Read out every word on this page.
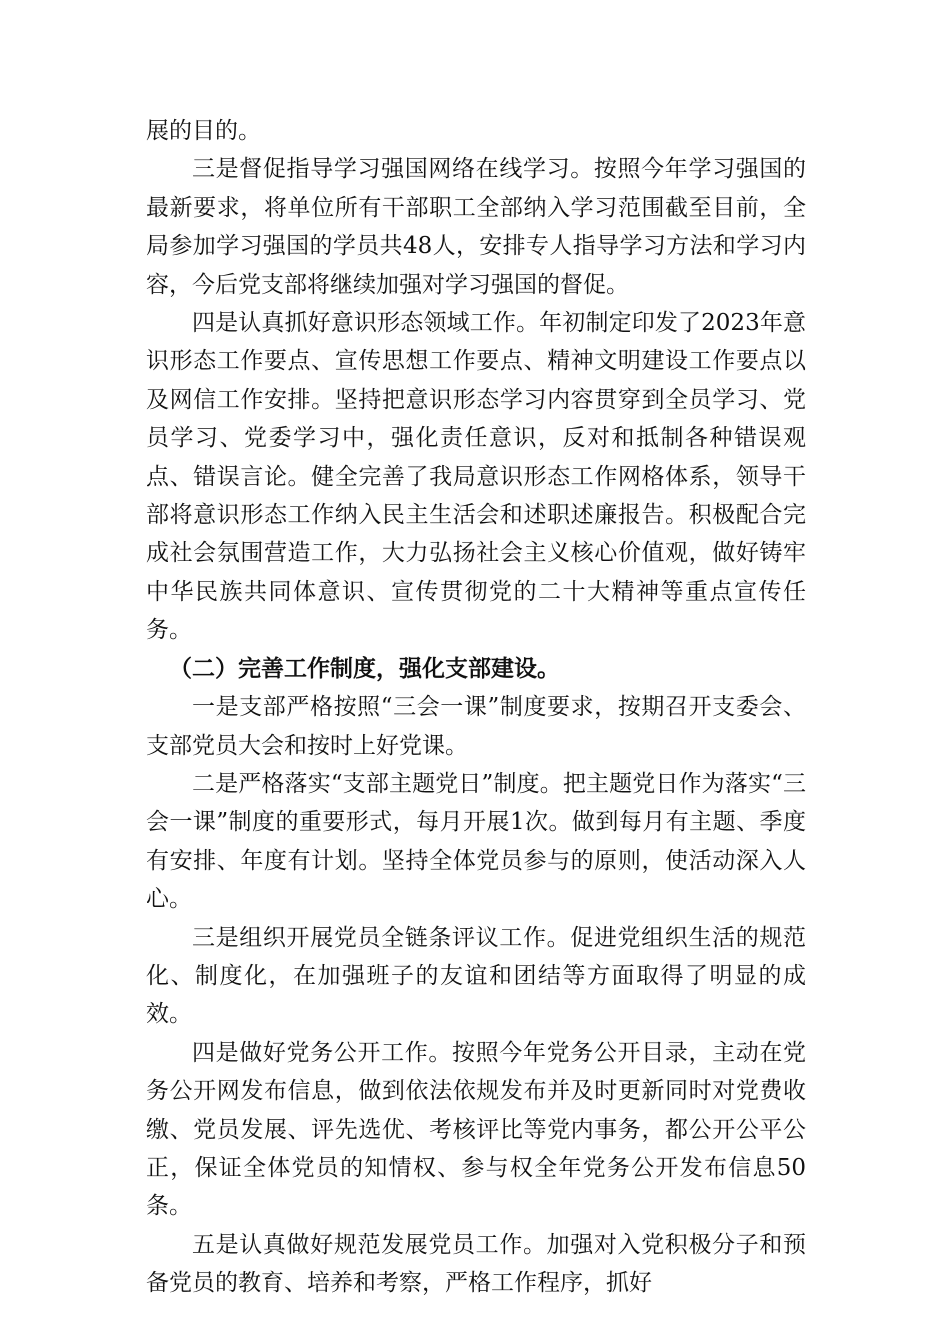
展的目的。

三是督促指导学习强国网络在线学习。按照今年学习强国的最新要求，将单位所有干部职工全部纳入学习范围截至目前，全局参加学习强国的学员共48人，安排专人指导学习方法和学习内容，今后党支部将继续加强对学习强国的督促。

四是认真抓好意识形态领域工作。年初制定印发了2023年意识形态工作要点、宣传思想工作要点、精神文明建设工作要点以及网信工作安排。坚持把意识形态学习内容贯穿到全员学习、党员学习、党委学习中，强化责任意识，反对和抵制各种错误观点、错误言论。健全完善了我局意识形态工作网格体系，领导干部将意识形态工作纳入民主生活会和述职述廉报告。积极配合完成社会氛围营造工作，大力弘扬社会主义核心价值观，做好铸牢中华民族共同体意识、宣传贯彻党的二十大精神等重点宣传任务。

（二）完善工作制度，强化支部建设。

一是支部严格按照“三会一课”制度要求，按期召开支委会、支部党员大会和按时上好党课。

二是严格落实“支部主题党日”制度。把主题党日作为落实“三会一课”制度的重要形式，每月开展1次。做到每月有主题、季度有安排、年度有计划。坚持全体党员参与的原则，使活动深入人心。

三是组织开展党员全链条评议工作。促进党组织生活的规范化、制度化，在加强班子的友谊和团结等方面取得了明显的成效。

四是做好党务公开工作。按照今年党务公开目录，主动在党务公开网发布信息，做到依法依规发布并及时更新同时对党费收缴、党员发展、评先选优、考核评比等党内事务，都公开公平公正，保证全体党员的知情权、参与权全年党务公开发布信息50条。

五是认真做好规范发展党员工作。加强对入党积极分子和预备党员的教育、培养和考察，严格工作程序，抓好
